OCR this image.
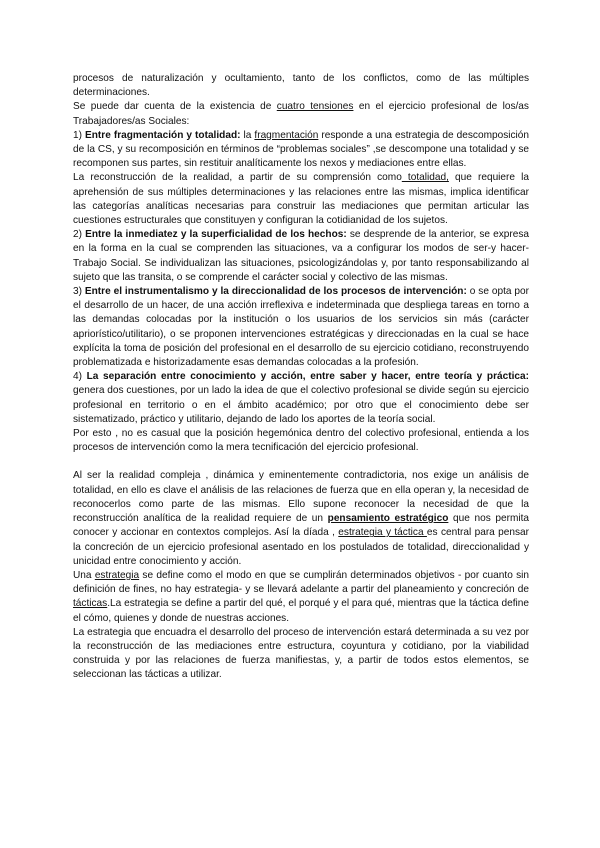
procesos de naturalización y ocultamiento, tanto de los conflictos, como de las múltiples determinaciones.

Se puede dar cuenta de la existencia de cuatro tensiones en el ejercicio profesional de los/as Trabajadores/as Sociales:

1) Entre fragmentación y totalidad: la fragmentación responde a una estrategia de descomposición de la CS, y su recomposición en términos de “problemas sociales” ,se descompone una totalidad y se recomponen sus partes, sin restituir analíticamente los nexos y mediaciones entre ellas.

La reconstrucción de la realidad, a partir de su comprensión como totalidad, que requiere la aprehensión de sus múltiples determinaciones y las relaciones entre las mismas, implica identificar las categorías analíticas necesarias para construir las mediaciones que permitan articular las cuestiones estructurales que constituyen y configuran la cotidianidad de los sujetos.

2) Entre la inmediatez y la superficialidad de los hechos: se desprende de la anterior, se expresa en la forma en la cual se comprenden las situaciones, va a configurar los modos de ser-y hacer-Trabajo Social. Se individualizan las situaciones, psicologizándolas y, por tanto responsabilizando al sujeto que las transita, o se comprende el carácter social y colectivo de las mismas.

3) Entre el instrumentalismo y la direccionalidad de los procesos de intervención: o se opta por el desarrollo de un hacer, de una acción irreflexiva e indeterminada que despliega tareas en torno a las demandas colocadas por la institución o los usuarios de los servicios sin más (carácter apriorístico/utilitario), o se proponen intervenciones estratégicas y direccionadas en la cual se hace explícita la toma de posición del profesional en el desarrollo de su ejercicio cotidiano, reconstruyendo problematizada e historizadamente esas demandas colocadas a la profesión.

4) La separación entre conocimiento y acción, entre saber y hacer, entre teoría y práctica: genera dos cuestiones, por un lado la idea de que el colectivo profesional se divide según su ejercicio profesional en territorio o en el ámbito académico; por otro que el conocimiento debe ser sistematizado, práctico y utilitario, dejando de lado los aportes de la teoría social.

Por esto , no es casual que la posición hegemónica dentro del colectivo profesional, entienda a los procesos de intervención como la mera tecnificación del ejercicio profesional.

Al ser la realidad compleja , dinámica y eminentemente contradictoria, nos exige un análisis de totalidad, en ello es clave el análisis de las relaciones de fuerza que en ella operan y, la necesidad de reconocerlos como parte de las mismas. Ello supone reconocer la necesidad de que la reconstrucción analítica de la realidad requiere de un pensamiento estratégico que nos permita conocer y accionar en contextos complejos. Así la díada , estrategia y táctica es central para pensar la concreción de un ejercicio profesional asentado en los postulados de totalidad, direccionalidad y unicidad entre conocimiento y acción.

Una estrategia se define como el modo en que se cumplirán determinados objetivos - por cuanto sin definición de fines, no hay estrategia- y se llevará adelante a partir del planeamiento y concreción de tácticas.La estrategia se define a partir del qué, el porqué y el para qué, mientras que la táctica define el cómo, quienes y donde de nuestras acciones.

La estrategia que encuadra el desarrollo del proceso de intervención estará determinada a su vez por la reconstrucción de las mediaciones entre estructura, coyuntura y cotidiano, por la viabilidad construida y por las relaciones de fuerza manifiestas, y, a partir de todos estos elementos, se seleccionan las tácticas a utilizar.
